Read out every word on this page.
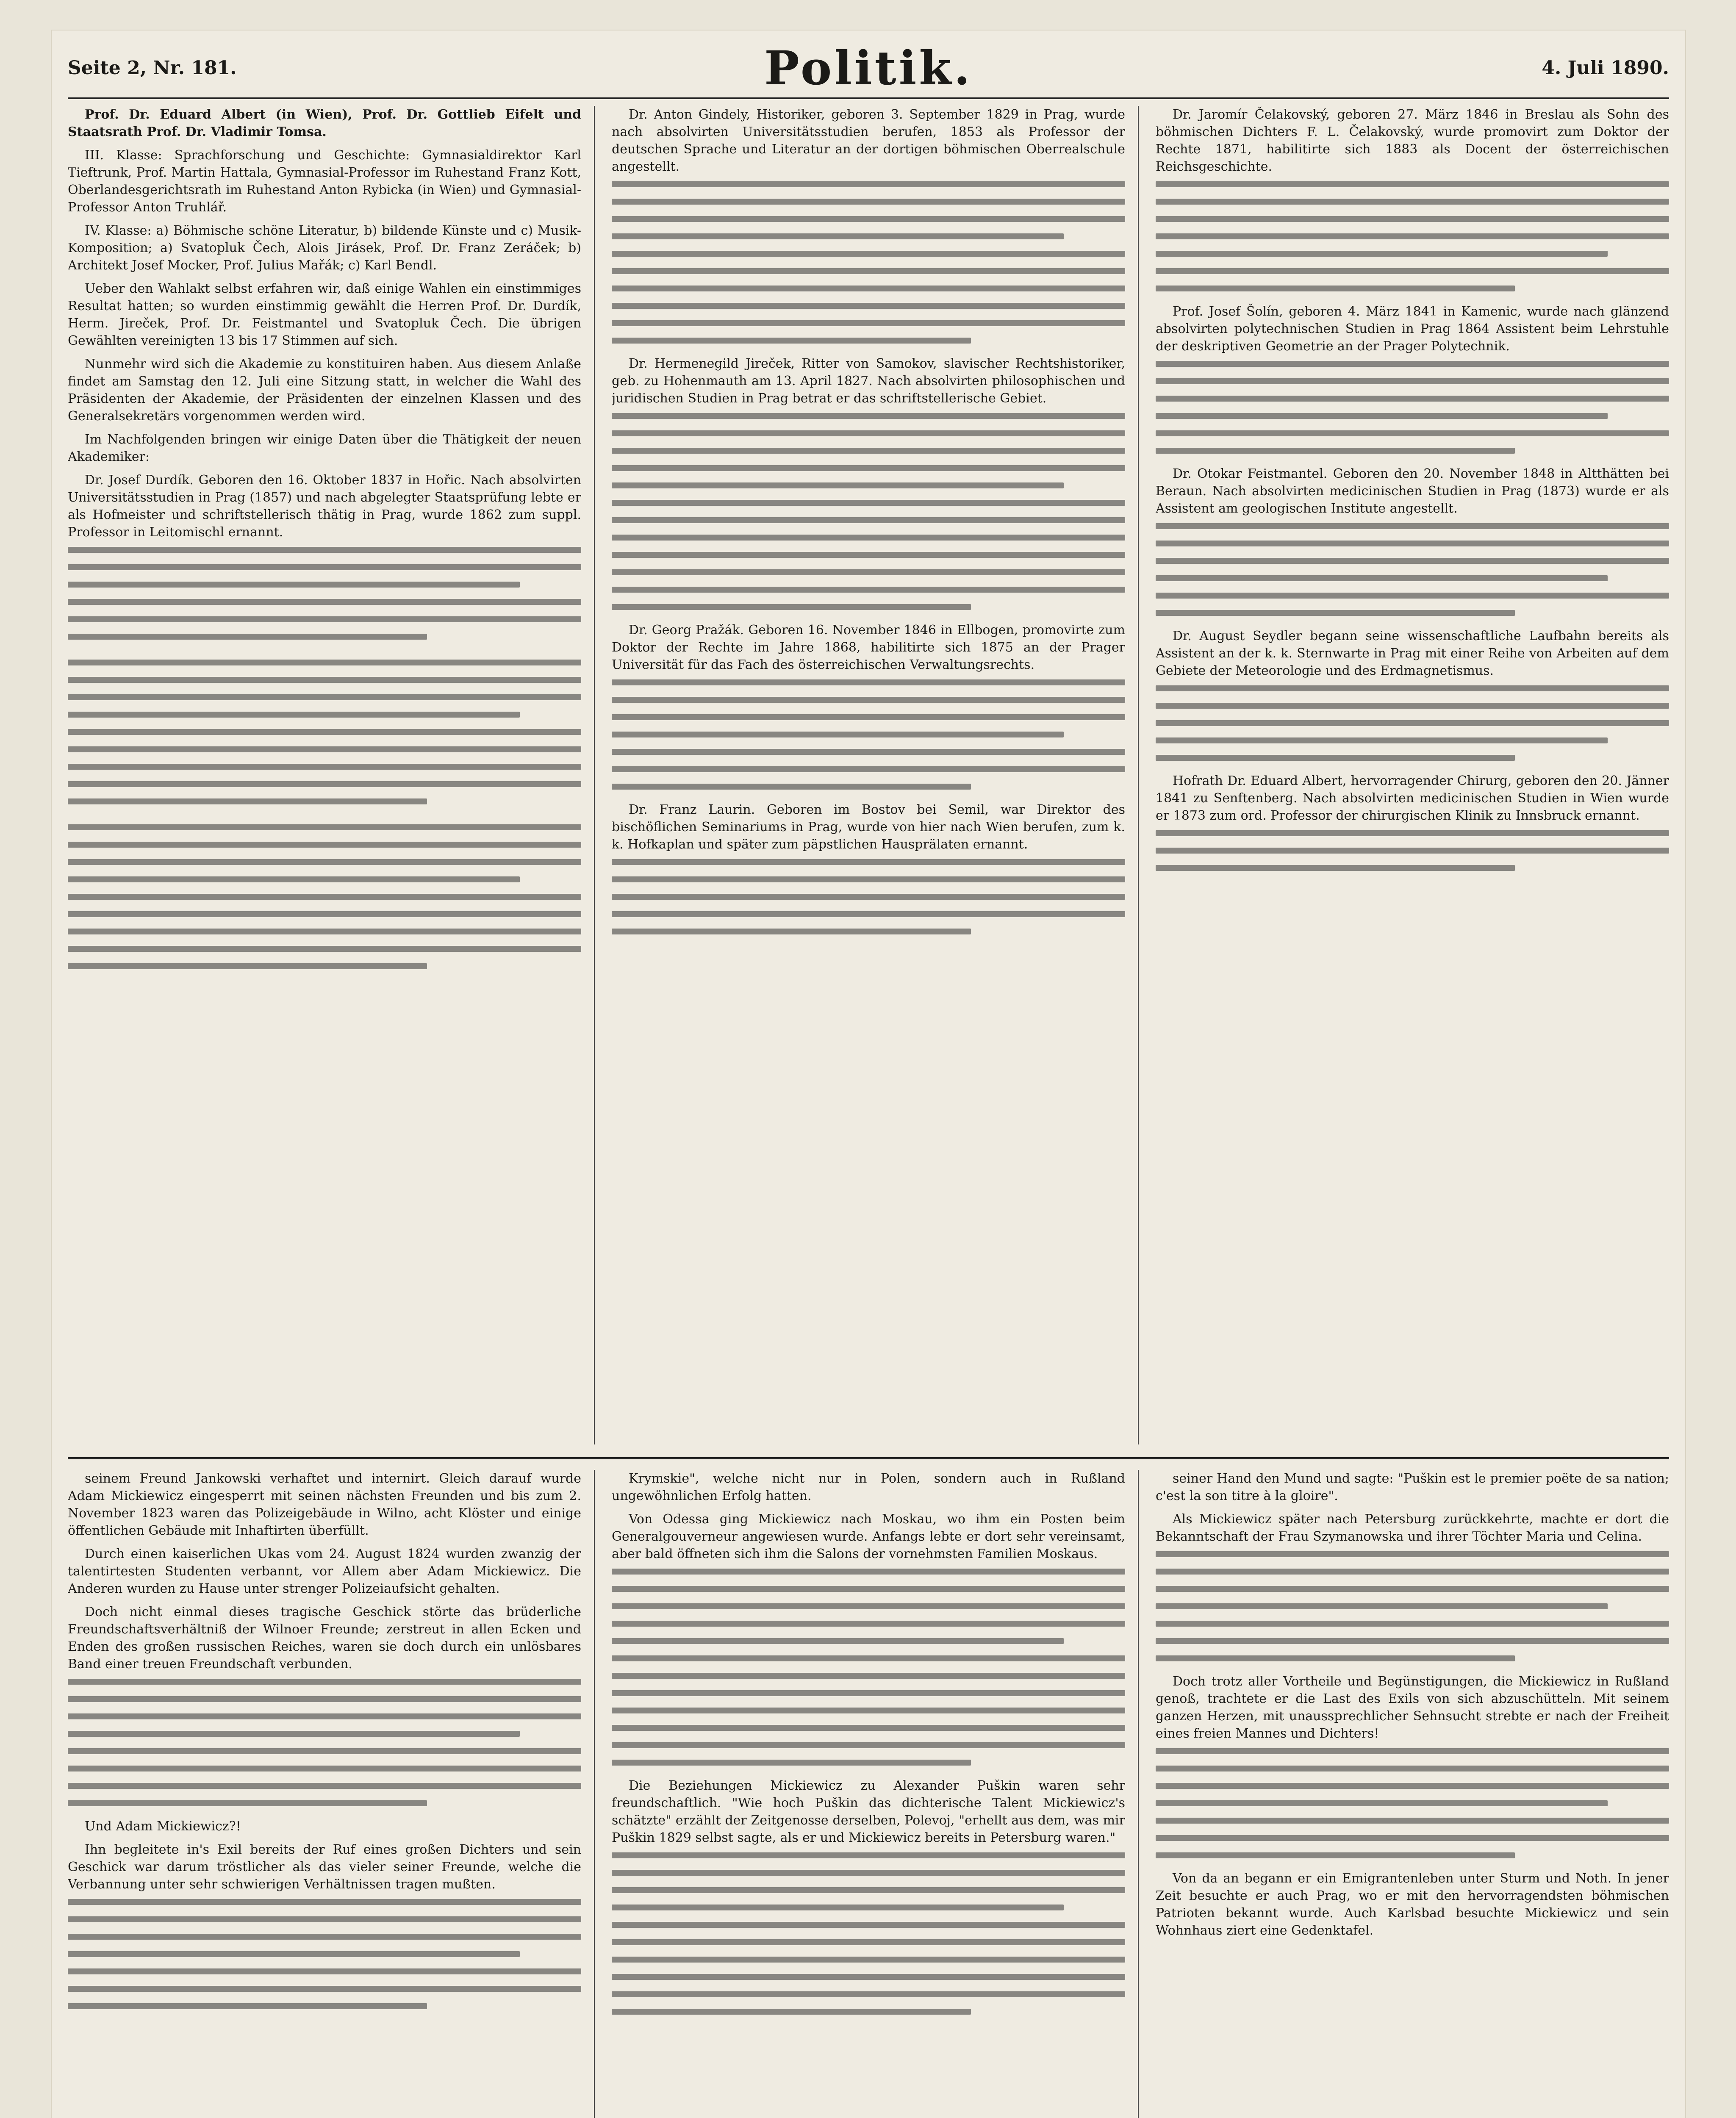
Seite 2, Nr. 181.	Politik.	4. Juli 1890.

Prof. Dr. Eduard Albert (in Wien), Prof. Dr. Gottlieb Eifelt und Staatsrath Prof. Dr. Vladimir Tomsa.

III. Klasse: Sprachforschung und Geschichte: Gymnasialdirektor Karl Tieftrunk, Prof. Martin Hattala, Gymnasial-Professor im Ruhestand Franz Kott, Oberlandesgerichtsrath im Ruhestand Anton Rybicka (in Wien) und Gymnasial-Professor Anton Truhlář.

IV. Klasse: a) Böhmische schöne Literatur, b) bildende Künste und c) Musik-Komposition; a) Svatopluk Čech, Alois Jirásek, Prof. Dr. Franz Zeráček; b) Architekt Josef Mocker, Prof. Julius Mařák; c) Karl Bendl.

Ueber den Wahlakt selbst erfahren wir, daß einige Wahlen ein einstimmiges Resultat hatten; so wurden einstimmig gewählt die Herren Prof. Dr. Durdík, Herm. Jireček, Prof. Dr. Feistmantel und Svatopluk Čech. Die übrigen Gewählten vereinigten 13 bis 17 Stimmen auf sich.

Nunmehr wird sich die Akademie zu konstituiren haben. Aus diesem Anlaße findet am Samstag den 12. Juli eine Sitzung statt, in welcher die Wahl des Präsidenten der Akademie, der Präsidenten der einzelnen Klassen und des Generalsekretärs vorgenommen werden wird.

Im Nachfolgenden bringen wir einige Daten über die Thätigkeit der neuen Akademiker:

Dr. Josef Durdík. Geboren den 16. Oktober 1837 in Hořic. Nach absolvirten Universitätsstudien in Prag (1857) und nach abgelegter Staatsprüfung lebte er als Hofmeister und schriftstellerisch thätig in Prag, wurde 1862 zum suppl. Professor in Leitomischl ernannt.

Dr. Anton Gindely, Historiker, geboren 3. September 1829 in Prag, wurde nach absolvirten Universitätsstudien berufen, 1853 als Professor der deutschen Sprache und Literatur an der dortigen böhmischen Oberrealschule angestellt.

Dr. Hermenegild Jireček, Ritter von Samokov, slavischer Rechtshistoriker, geb. zu Hohenmauth am 13. April 1827. Nach absolvirten philosophischen und juridischen Studien in Prag betrat er das schriftstellerische Gebiet.

Dr. Georg Pražák. Geboren 16. November 1846 in Ellbogen, promovirte zum Doktor der Rechte im Jahre 1868, habilitirte sich 1875 an der Prager Universität für das Fach des österreichischen Verwaltungsrechts.

Dr. Franz Laurin. Geboren im Bostov bei Semil, war Direktor des bischöflichen Seminariums in Prag, wurde von hier nach Wien berufen, zum k. k. Hofkaplan und später zum päpstlichen Hausprälaten ernannt.

Dr. Jaromír Čelakovský, geboren 27. März 1846 in Breslau als Sohn des böhmischen Dichters F. L. Čelakovský, wurde promovirt zum Doktor der Rechte 1871, habilitirte sich 1883 als Docent der österreichischen Reichsgeschichte.

Prof. Josef Šolín, geboren 4. März 1841 in Kamenic, wurde nach glänzend absolvirten polytechnischen Studien in Prag 1864 Assistent beim Lehrstuhle der deskriptiven Geometrie an der Prager Polytechnik.

Dr. Otokar Feistmantel. Geboren den 20. November 1848 in Altthätten bei Beraun. Nach absolvirten medicinischen Studien in Prag (1873) wurde er als Assistent am geologischen Institute angestellt.

Dr. August Seydler begann seine wissenschaftliche Laufbahn bereits als Assistent an der k. k. Sternwarte in Prag mit einer Reihe von Arbeiten auf dem Gebiete der Meteorologie und des Erdmagnetismus.

Hofrath Dr. Eduard Albert, hervorragender Chirurg, geboren den 20. Jänner 1841 zu Senftenberg. Nach absolvirten medicinischen Studien in Wien wurde er 1873 zum ord. Professor der chirurgischen Klinik zu Innsbruck ernannt.

seinem Freund Jankowski verhaftet und internirt. Gleich darauf wurde Adam Mickiewicz eingesperrt mit seinen nächsten Freunden und bis zum 2. November 1823 waren das Polizeigebäude in Wilno, acht Klöster und einige öffentlichen Gebäude mit Inhaftirten überfüllt.

Durch einen kaiserlichen Ukas vom 24. August 1824 wurden zwanzig der talentirtesten Studenten verbannt, vor Allem aber Adam Mickiewicz. Die Anderen wurden zu Hause unter strenger Polizeiaufsicht gehalten.

Doch nicht einmal dieses tragische Geschick störte das brüderliche Freundschaftsverhältniß der Wilnoer Freunde; zerstreut in allen Ecken und Enden des großen russischen Reiches, waren sie doch durch ein unlösbares Band einer treuen Freundschaft verbunden.

Und Adam Mickiewicz?!

Ihn begleitete in's Exil bereits der Ruf eines großen Dichters und sein Geschick war darum tröstlicher als das vieler seiner Freunde, welche die Verbannung unter sehr schwierigen Verhältnissen tragen mußten.

Krymskie", welche nicht nur in Polen, sondern auch in Rußland ungewöhnlichen Erfolg hatten.

Von Odessa ging Mickiewicz nach Moskau, wo ihm ein Posten beim Generalgouverneur angewiesen wurde. Anfangs lebte er dort sehr vereinsamt, aber bald öffneten sich ihm die Salons der vornehmsten Familien Moskaus.

Die Beziehungen Mickiewicz zu Alexander Puškin waren sehr freundschaftlich. "Wie hoch Puškin das dichterische Talent Mickiewicz's schätzte" erzählt der Zeitgenosse derselben, Polevoj, "erhellt aus dem, was mir Puškin 1829 selbst sagte, als er und Mickiewicz bereits in Petersburg waren."

seiner Hand den Mund und sagte: "Puškin est le premier poëte de sa nation; c'est la son titre à la gloire".

Als Mickiewicz später nach Petersburg zurückkehrte, machte er dort die Bekanntschaft der Frau Szymanowska und ihrer Töchter Maria und Celina.

Doch trotz aller Vortheile und Begünstigungen, die Mickiewicz in Rußland genoß, trachtete er die Last des Exils von sich abzuschütteln. Mit seinem ganzen Herzen, mit unaussprechlicher Sehnsucht strebte er nach der Freiheit eines freien Mannes und Dichters!

Von da an begann er ein Emigrantenleben unter Sturm und Noth. In jener Zeit besuchte er auch Prag, wo er mit den hervorragendsten böhmischen Patrioten bekannt wurde. Auch Karlsbad besuchte Mickiewicz und sein Wohnhaus ziert eine Gedenktafel.
